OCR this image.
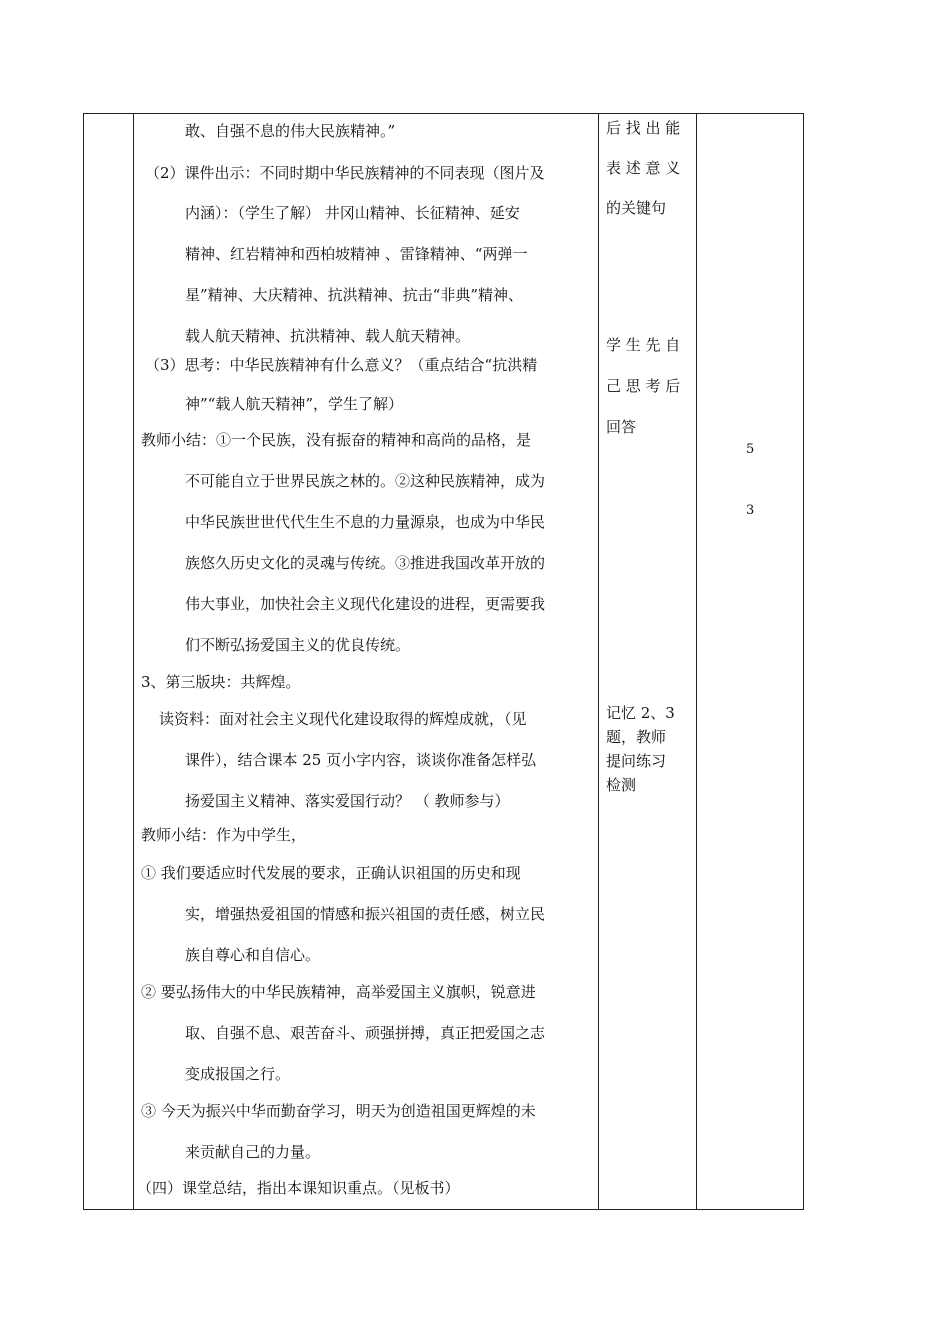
敢、自强不息的伟大民族精神。”
（2）课件出示：不同时期中华民族精神的不同表现（图片及
内涵）：（学生了解） 井冈山精神、长征精神、延安
精神、红岩精神和西柏坡精神 、雷锋精神、“两弹一
星”精神、大庆精神、抗洪精神、抗击“非典”精神、
载人航天精神、抗洪精神、载人航天精神。
（3）思考：中华民族精神有什么意义？（重点结合“抗洪精
神”“载人航天精神”，学生了解）
教师小结：①一个民族，没有振奋的精神和高尚的品格，是
不可能自立于世界民族之林的。②这种民族精神，成为
中华民族世世代代生生不息的力量源泉，也成为中华民
族悠久历史文化的灵魂与传统。③推进我国改革开放的
伟大事业，加快社会主义现代化建设的进程，更需要我
们不断弘扬爱国主义的优良传统。
3、第三版块：共辉煌。
读资料：面对社会主义现代化建设取得的辉煌成就，（见
课件），结合课本 25 页小字内容，谈谈你准备怎样弘
扬爱国主义精神、落实爱国行动？ （ 教师参与）
教师小结：作为中学生，
① 我们要适应时代发展的要求，正确认识祖国的历史和现
实，增强热爱祖国的情感和振兴祖国的责任感，树立民
族自尊心和自信心。
② 要弘扬伟大的中华民族精神，高举爱国主义旗帜，锐意进
取、自强不息、艰苦奋斗、顽强拼搏，真正把爱国之志
变成报国之行。
③ 今天为振兴中华而勤奋学习，明天为创造祖国更辉煌的未
来贡献自己的力量。
（四）课堂总结，指出本课知识重点。（见板书）
后 找 出 能
表 述 意 义
的关键句
学 生 先 自
己 思 考 后
回答
记忆 2、3
题，教师
提问练习
检测
5
3
